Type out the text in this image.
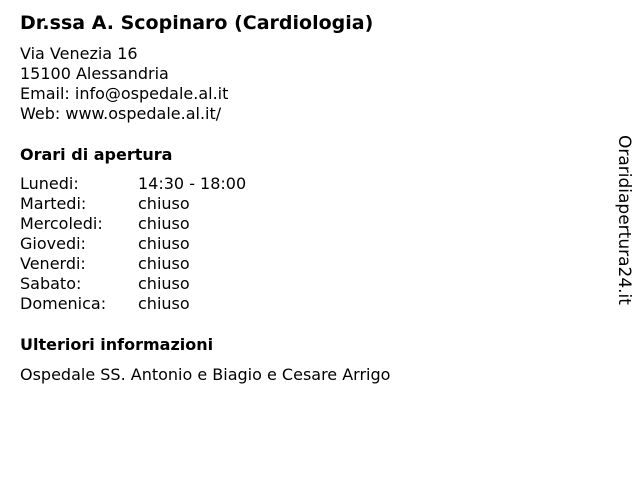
Dr.ssa A. Scopinaro (Cardiologia)
Via Venezia 16
15100 Alessandria
Email: info@ospedale.al.it
Web: www.ospedale.al.it/
Orari di apertura
Lunedi:	14:30 - 18:00
Martedi:	chiuso
Mercoledi:	chiuso
Giovedi:	chiuso
Venerdi:	chiuso
Sabato:	chiuso
Domenica:	chiuso
Ulteriori informazioni
Ospedale SS. Antonio e Biagio e Cesare Arrigo
Oraridiapertura24.it
